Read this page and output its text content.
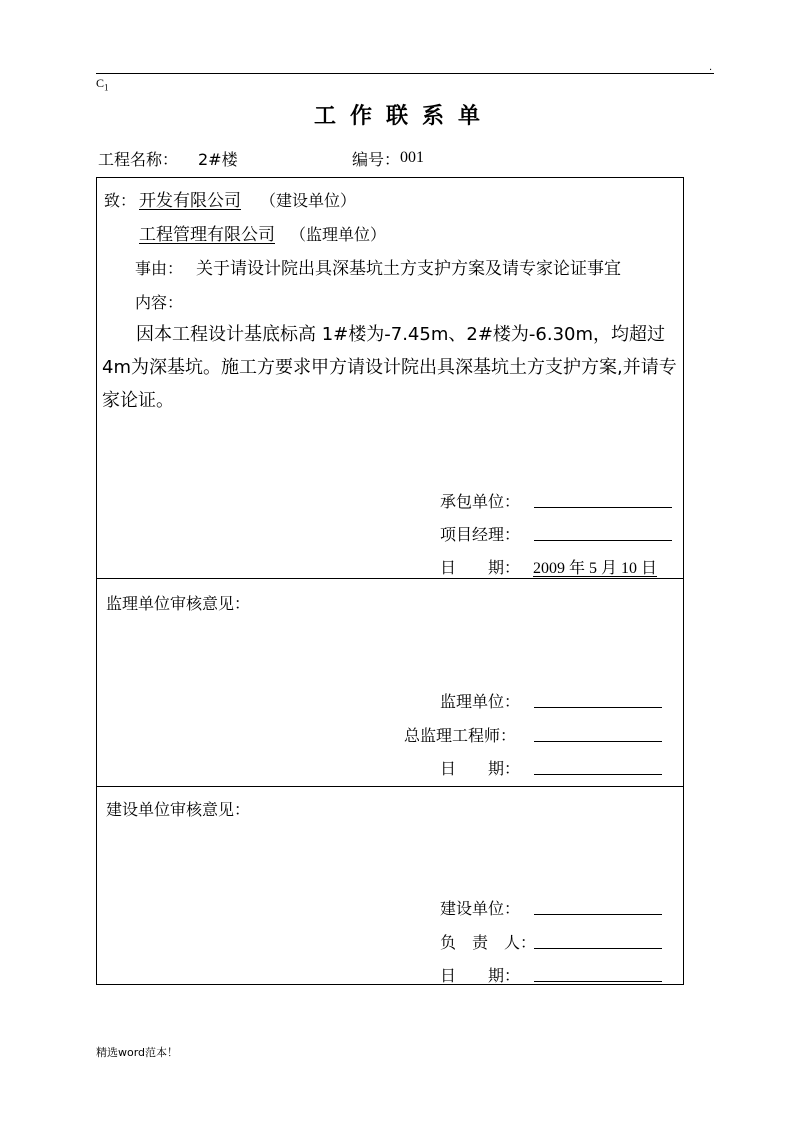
.
$C_1$
工作联系单
工程名称： 2#楼	编号： 001
致： 开发有限公司 （建设单位）
工程管理有限公司 （监理单位）
事由： 关于请设计院出具深基坑土方支护方案及请专家论证事宜
内容：

因本工程设计基底标高 1#楼为-7.45m、2#楼为-6.30m，均超过4m为深基坑。施工方要求甲方请设计院出具深基坑土方支护方案,并请专家论证。

承包单位：
项目经理：
日　　期： 2009 年 5 月 10 日
监理单位审核意见：
监理单位：
总监理工程师：
日　　期：
建设单位审核意见：
建设单位：
负　责　人：
日　　期：
精选word范本！
